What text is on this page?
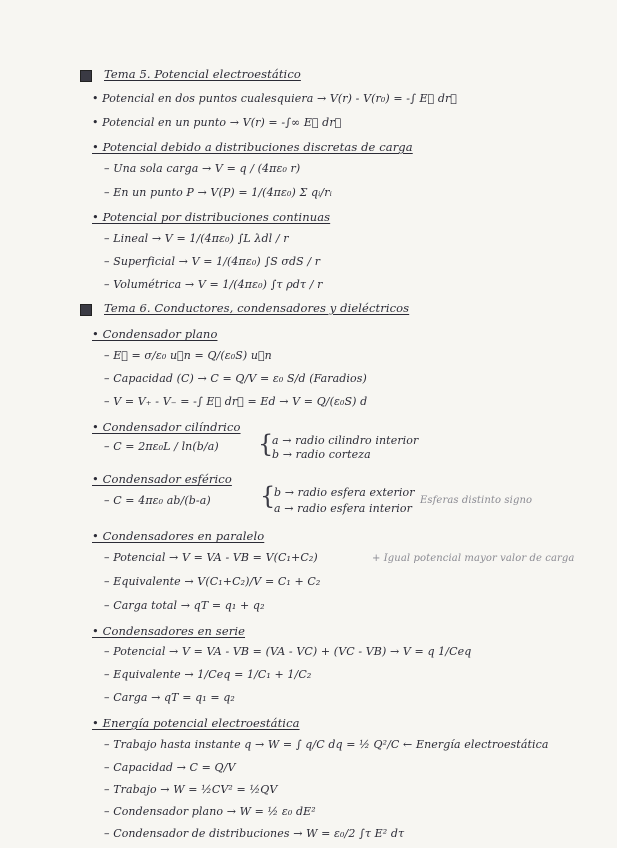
Tema 5. Potencial electroestático
• Potencial en dos puntos cualesquiera → V(r) - V(r₀) = -∫ E⃗ dr⃗
• Potencial en un punto → V(r) = -∫∞ E⃗ dr⃗
• Potencial debido a distribuciones discretas de carga
– Una sola carga → V = q / (4πε₀ r)
– En un punto P → V(P) = 1/(4πε₀) Σ qᵢ/rᵢ
• Potencial por distribuciones continuas
– Lineal → V = 1/(4πε₀) ∫L λdl / r
– Superficial → V = 1/(4πε₀) ∫S σdS / r
– Volumétrica → V = 1/(4πε₀) ∫τ ρdτ / r
Tema 6. Conductores, condensadores y dieléctricos
• Condensador plano
– E⃗ = σ/ε₀ u⃗n = Q/(ε₀S) u⃗n
– Capacidad (C) → C = Q/V = ε₀ S/d (Faradios)
– V = V₊ - V₋ = -∫ E⃗ dr⃗ = Ed → V = Q/(ε₀S) d
• Condensador cilíndrico
– C = 2πε₀L / ln(b/a) {
a → radio cilindro interior
b → radio corteza
• Condensador esférico
– C = 4πε₀ ab/(b-a) {
b → radio esfera exterior
a → radio esfera interior
Esferas distinto signo
• Condensadores en paralelo
– Potencial → V = VA - VB = V(C₁+C₂)	+ Igual potencial mayor valor de carga
– Equivalente → V(C₁+C₂)/V = C₁ + C₂
– Carga total → qT = q₁ + q₂
• Condensadores en serie
– Potencial → V = VA - VB = (VA - VC) + (VC - VB) → V = q 1/Ceq
– Equivalente → 1/Ceq = 1/C₁ + 1/C₂
– Carga → qT = q₁ = q₂
• Energía potencial electroestática
– Trabajo hasta instante q → W = ∫ q/C dq = ½ Q²/C ← Energía electroestática
– Capacidad → C = Q/V
– Trabajo → W = ½CV² = ½QV
– Condensador plano → W = ½ ε₀ dE²
– Condensador de distribuciones → W = ε₀/2 ∫τ E² dτ
